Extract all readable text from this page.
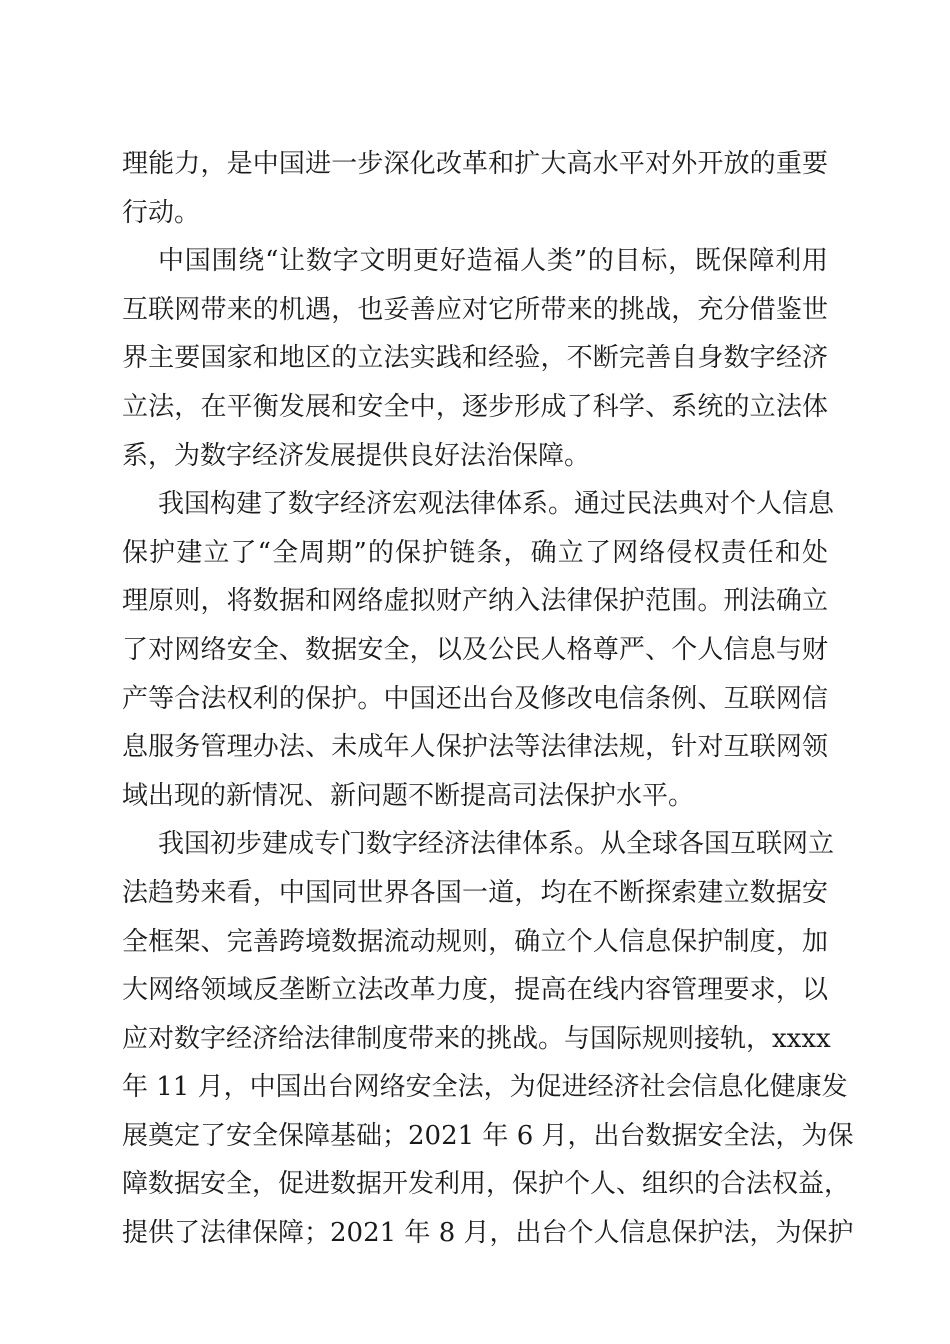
理能力，是中国进一步深化改革和扩大高水平对外开放的重要
行动。
中国围绕“让数字文明更好造福人类”的目标，既保障利用
互联网带来的机遇，也妥善应对它所带来的挑战，充分借鉴世
界主要国家和地区的立法实践和经验，不断完善自身数字经济
立法，在平衡发展和安全中，逐步形成了科学、系统的立法体
系，为数字经济发展提供良好法治保障。
我国构建了数字经济宏观法律体系。通过民法典对个人信息
保护建立了“全周期”的保护链条，确立了网络侵权责任和处
理原则，将数据和网络虚拟财产纳入法律保护范围。刑法确立
了对网络安全、数据安全，以及公民人格尊严、个人信息与财
产等合法权利的保护。中国还出台及修改电信条例、互联网信
息服务管理办法、未成年人保护法等法律法规，针对互联网领
域出现的新情况、新问题不断提高司法保护水平。
我国初步建成专门数字经济法律体系。从全球各国互联网立
法趋势来看，中国同世界各国一道，均在不断探索建立数据安
全框架、完善跨境数据流动规则，确立个人信息保护制度，加
大网络领域反垄断立法改革力度，提高在线内容管理要求，以
应对数字经济给法律制度带来的挑战。与国际规则接轨，xxxx
年 11 月，中国出台网络安全法，为促进经济社会信息化健康发
展奠定了安全保障基础；2021 年 6 月，出台数据安全法，为保
障数据安全，促进数据开发利用，保护个人、组织的合法权益，
提供了法律保障；2021 年 8 月，出台个人信息保护法，为保护
